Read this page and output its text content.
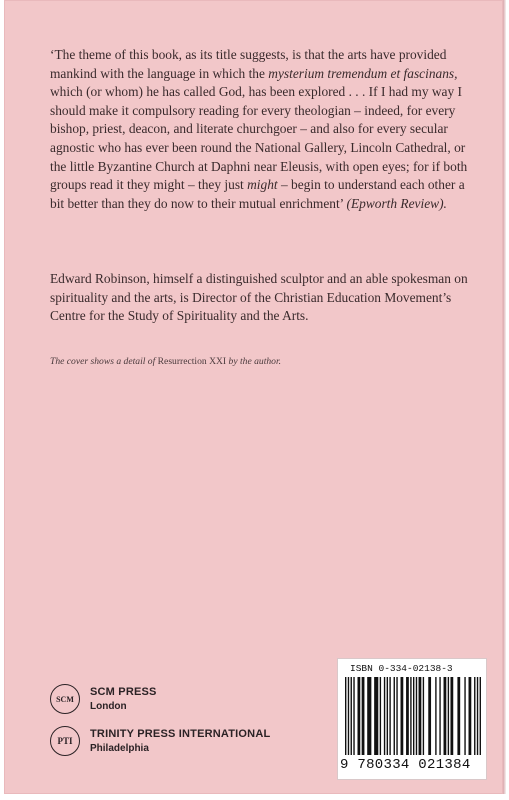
‘The theme of this book, as its title suggests, is that the arts have provided mankind with the language in which the mysterium tremendum et fascinans, which (or whom) he has called God, has been explored . . . If I had my way I should make it compulsory reading for every theologian – indeed, for every bishop, priest, deacon, and literate churchgoer – and also for every secular agnostic who has ever been round the National Gallery, Lincoln Cathedral, or the little Byzantine Church at Daphni near Eleusis, with open eyes; for if both groups read it they might – they just might – begin to understand each other a bit better than they do now to their mutual enrichment’ (Epworth Review).

Edward Robinson, himself a distinguished sculptor and an able spokesman on spirituality and the arts, is Director of the Christian Education Movement’s Centre for the Study of Spirituality and the Arts.

The cover shows a detail of Resurrection XXI by the author.

SCM
SCM PRESS
London
PTI
TRINITY PRESS INTERNATIONAL
Philadelphia
ISBN 0-334-02138-3
9 780334 021384
